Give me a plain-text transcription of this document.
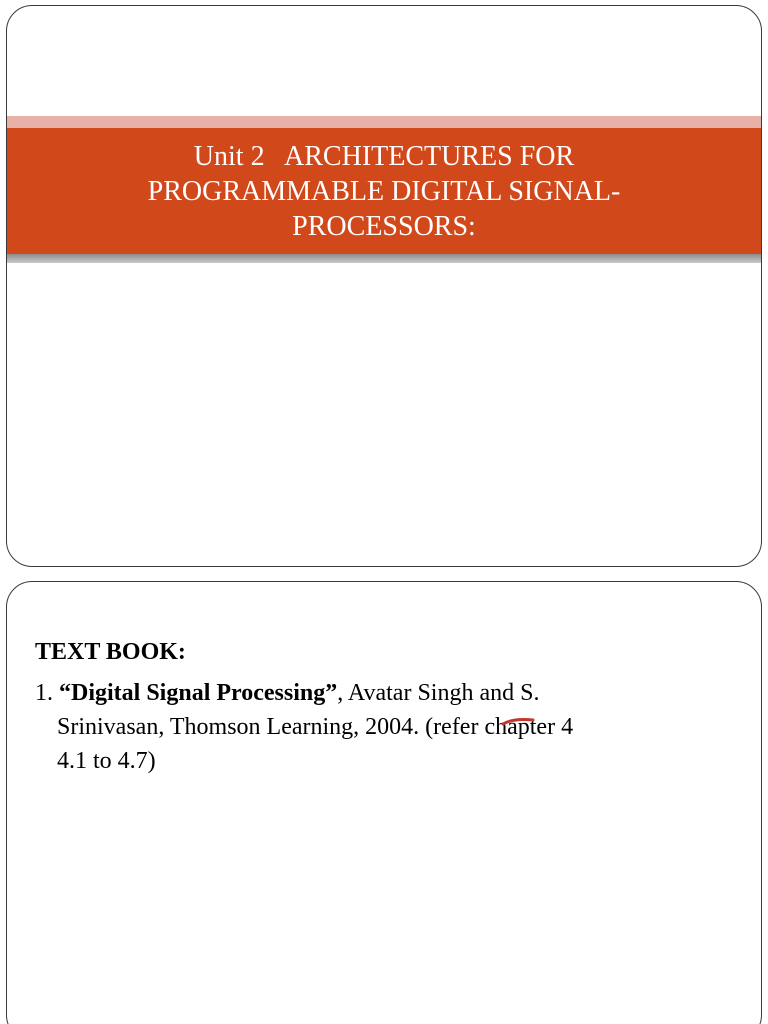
Unit 2   ARCHITECTURES FOR
PROGRAMMABLE DIGITAL SIGNAL-
PROCESSORS:
TEXT BOOK:
1. “Digital Signal Processing”, Avatar Singh and S.
Srinivasan, Thomson Learning, 2004. (refer chapter 4
4.1 to 4.7)
